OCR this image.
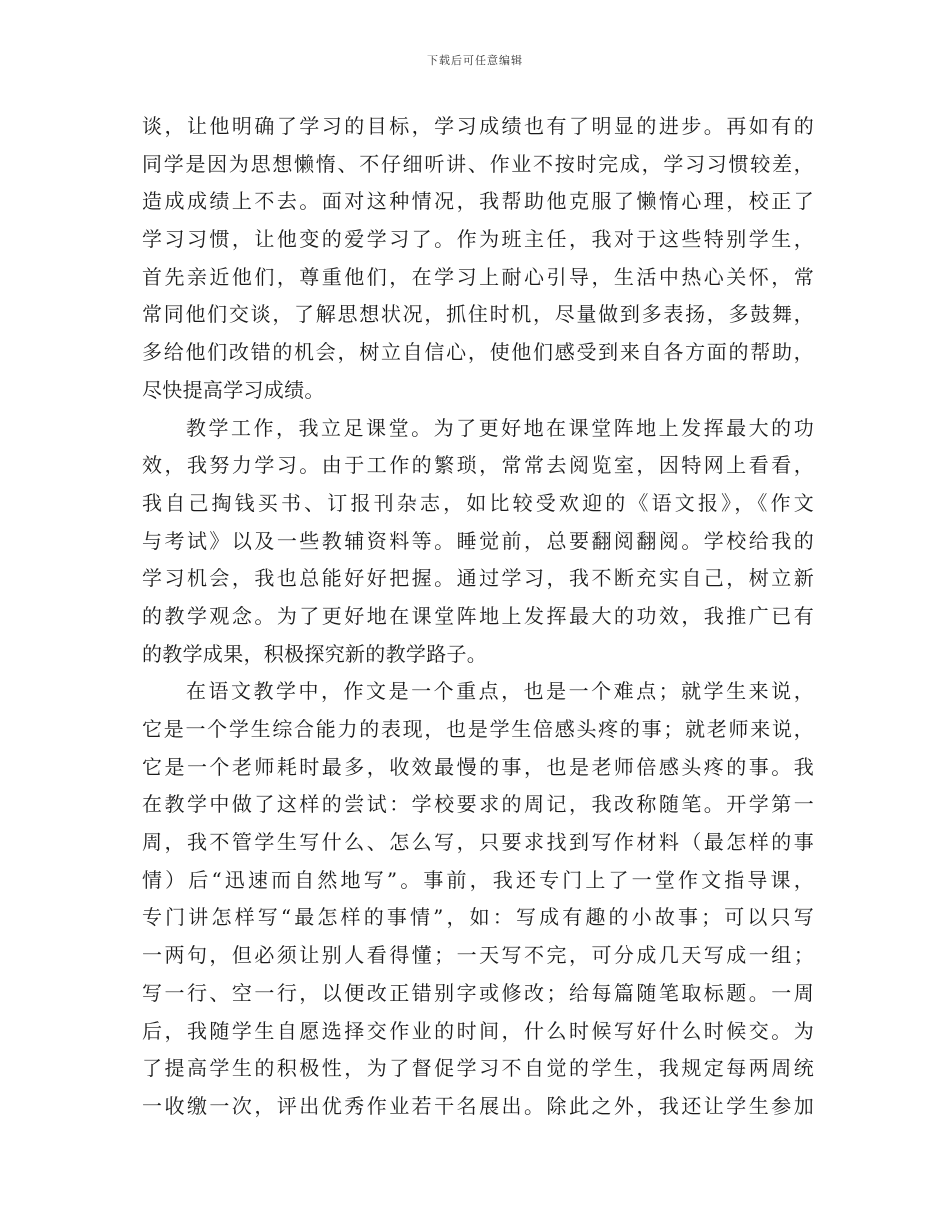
下载后可任意编辑
谈，让他明确了学习的目标，学习成绩也有了明显的进步。再如有的
同学是因为思想懒惰、不仔细听讲、作业不按时完成，学习习惯较差，
造成成绩上不去。面对这种情况，我帮助他克服了懒惰心理，校正了
学习习惯，让他变的爱学习了。作为班主任，我对于这些特别学生，
首先亲近他们，尊重他们，在学习上耐心引导，生活中热心关怀，常
常同他们交谈，了解思想状况，抓住时机，尽量做到多表扬，多鼓舞，
多给他们改错的机会，树立自信心，使他们感受到来自各方面的帮助，
尽快提高学习成绩。
教学工作，我立足课堂。为了更好地在课堂阵地上发挥最大的功
效，我努力学习。由于工作的繁琐，常常去阅览室，因特网上看看，
我自己掏钱买书、订报刊杂志，如比较受欢迎的《语文报》，《作文
与考试》以及一些教辅资料等。睡觉前，总要翻阅翻阅。学校给我的
学习机会，我也总能好好把握。通过学习，我不断充实自己，树立新
的教学观念。为了更好地在课堂阵地上发挥最大的功效，我推广已有
的教学成果，积极探究新的教学路子。
在语文教学中，作文是一个重点，也是一个难点；就学生来说，
它是一个学生综合能力的表现，也是学生倍感头疼的事；就老师来说，
它是一个老师耗时最多，收效最慢的事，也是老师倍感头疼的事。我
在教学中做了这样的尝试：学校要求的周记，我改称随笔。开学第一
周，我不管学生写什么、怎么写，只要求找到写作材料（最怎样的事
情）后“迅速而自然地写”。事前，我还专门上了一堂作文指导课，
专门讲怎样写“最怎样的事情”，如：写成有趣的小故事；可以只写
一两句，但必须让别人看得懂；一天写不完，可分成几天写成一组；
写一行、空一行，以便改正错别字或修改；给每篇随笔取标题。一周
后，我随学生自愿选择交作业的时间，什么时候写好什么时候交。为
了提高学生的积极性，为了督促学习不自觉的学生，我规定每两周统
一收缴一次，评出优秀作业若干名展出。除此之外，我还让学生参加
